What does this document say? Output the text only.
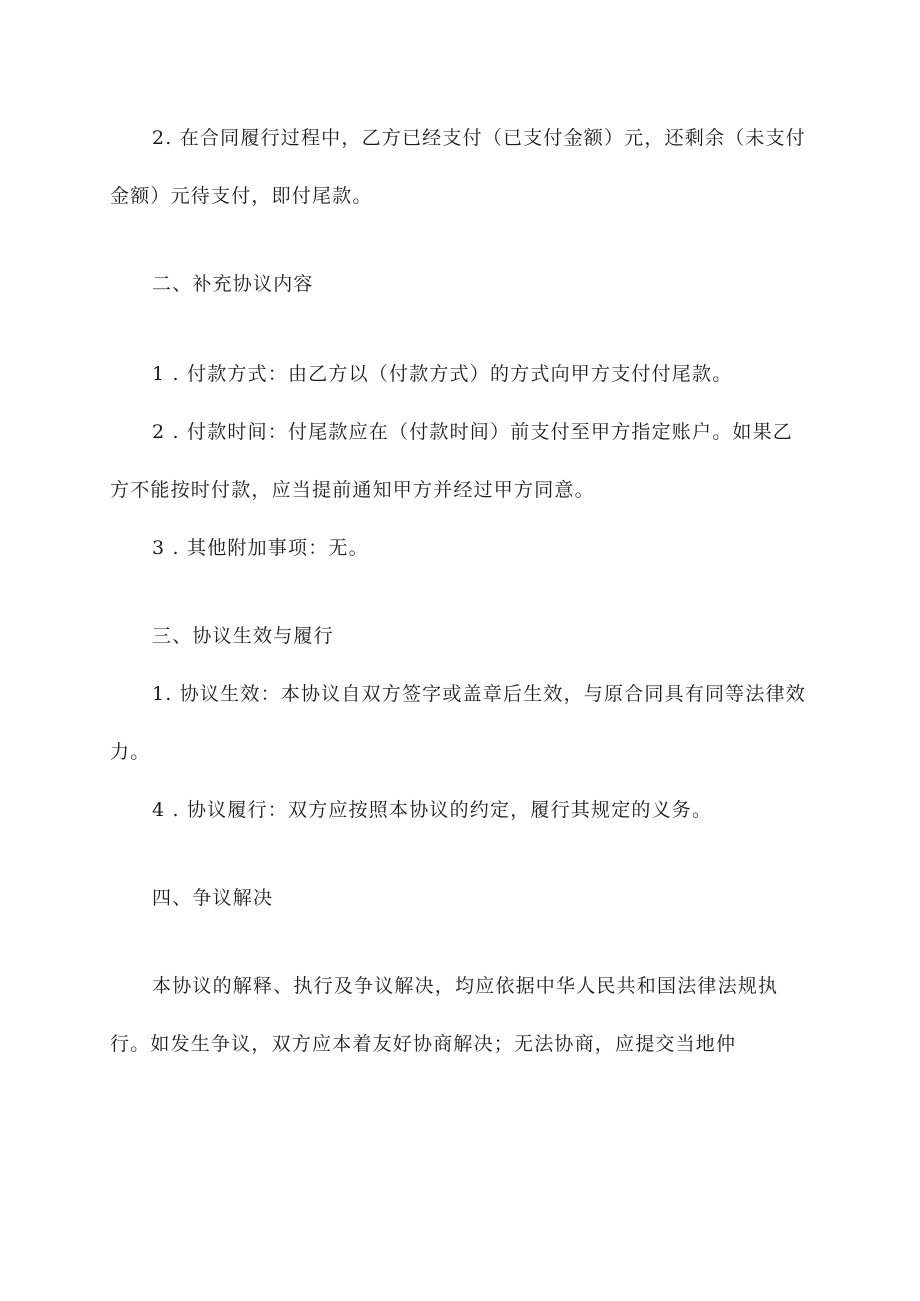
2. 在合同履行过程中，乙方已经支付（已支付金额）元，还剩余（未支付
金额）元待支付，即付尾款。
二、补充协议内容
1 . 付款方式：由乙方以（付款方式）的方式向甲方支付付尾款。
2 . 付款时间：付尾款应在（付款时间）前支付至甲方指定账户。如果乙
方不能按时付款，应当提前通知甲方并经过甲方同意。
3 . 其他附加事项：无。
三、协议生效与履行
1. 协议生效：本协议自双方签字或盖章后生效，与原合同具有同等法律效
力。
4 . 协议履行：双方应按照本协议的约定，履行其规定的义务。
四、争议解决
本协议的解释、执行及争议解决，均应依据中华人民共和国法律法规执
行。如发生争议，双方应本着友好协商解决；无法协商，应提交当地仲
